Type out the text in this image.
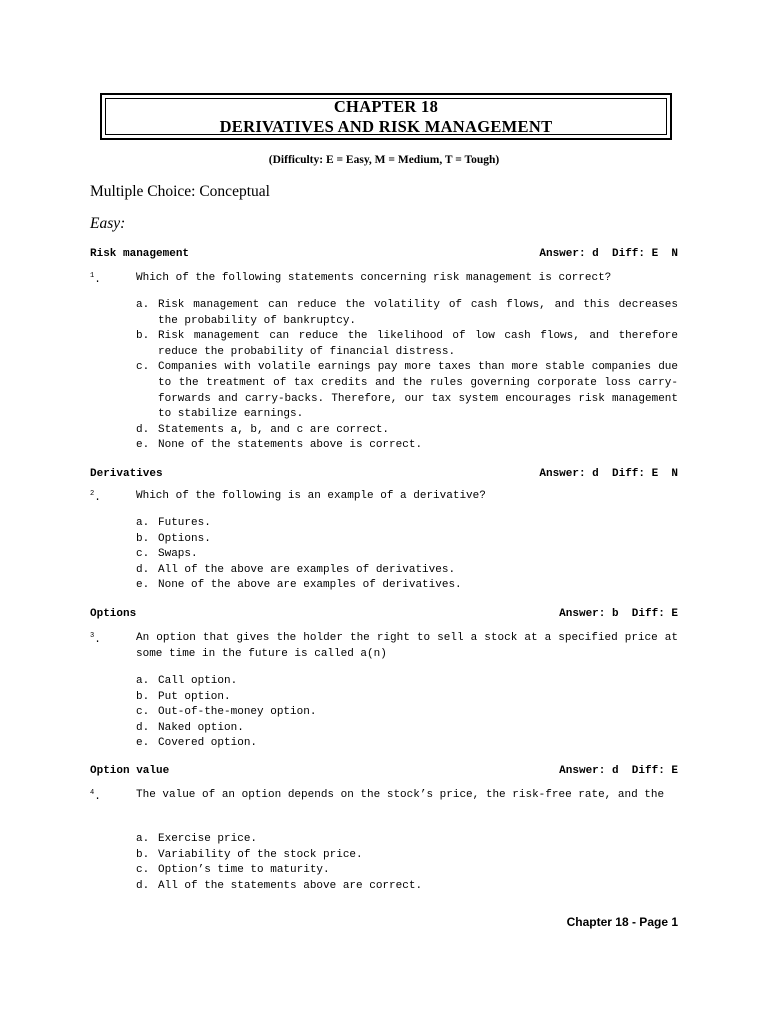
CHAPTER 18
DERIVATIVES AND RISK MANAGEMENT
(Difficulty: E = Easy, M = Medium, T = Tough)
Multiple Choice: Conceptual
Easy:
Risk management	Answer: d  Diff: E  N
$^1$.	Which of the following statements concerning risk management is correct?
a. Risk management can reduce the volatility of cash flows, and this decreases the probability of bankruptcy.
b. Risk management can reduce the likelihood of low cash flows, and therefore reduce the probability of financial distress.
c. Companies with volatile earnings pay more taxes than more stable companies due to the treatment of tax credits and the rules governing corporate loss carry-forwards and carry-backs. Therefore, our tax system encourages risk management to stabilize earnings.
d. Statements a, b, and c are correct.
e. None of the statements above is correct.
Derivatives	Answer: d  Diff: E  N
$^2$.	Which of the following is an example of a derivative?
a. Futures.
b. Options.
c. Swaps.
d. All of the above are examples of derivatives.
e. None of the above are examples of derivatives.
Options	Answer: b  Diff: E
$^3$.	An option that gives the holder the right to sell a stock at a specified price at some time in the future is called a(n)
a. Call option.
b. Put option.
c. Out-of-the-money option.
d. Naked option.
e. Covered option.
Option value	Answer: d  Diff: E
$^4$.	The value of an option depends on the stock’s price, the risk-free rate, and the
a. Exercise price.
b. Variability of the stock price.
c. Option’s time to maturity.
d. All of the statements above are correct.
Chapter 18 - Page 1
